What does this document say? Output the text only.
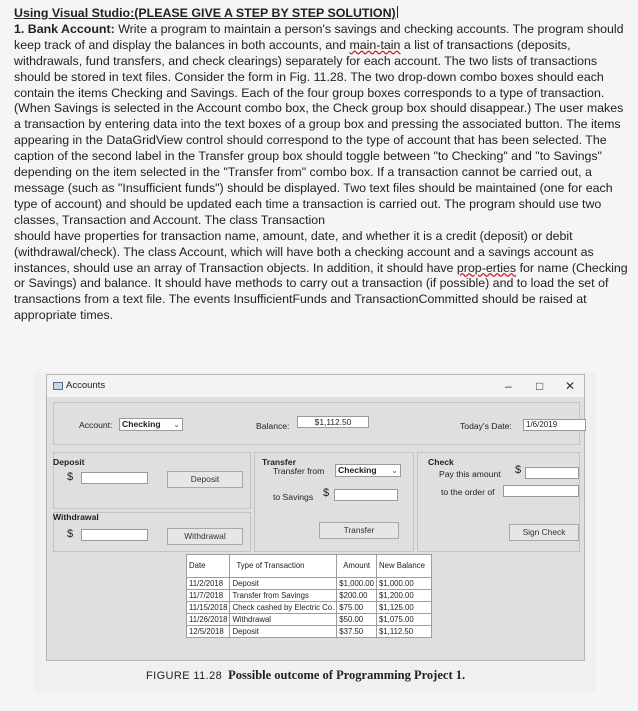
Using Visual Studio:(PLEASE GIVE A STEP BY STEP SOLUTION)

1. Bank Account: Write a program to maintain a person's savings and checking accounts. The program should keep track of and display the balances in both accounts, and main-tain a list of transactions (deposits, withdrawals, fund transfers, and check clearings) separately for each account. The two lists of transactions should be stored in text files. Consider the form in Fig. 11.28. The two drop-down combo boxes should each

contain the items Checking and Savings. Each of the four group boxes corresponds to a type of transaction. (When Savings is selected in the Account combo box, the Check group box should disappear.) The user makes a transaction by entering data into the text boxes of a group box and pressing the associated button. The items appearing in the DataGridView control should correspond to the type of account that has been selected. The caption of the second label in the Transfer group box should toggle between "to Checking" and "to Savings" depending on the item selected in the "Transfer from" combo box. If a transaction cannot be carried out, a message (such as "Insufficient funds") should be displayed. Two text files should be maintained (one for each type of account) and should be updated each time a transaction is carried out. The program should use two classes, Transaction and Account. The class Transaction

should have properties for transaction name, amount, date, and whether it is a credit (deposit) or debit (withdrawal/check). The class Account, which will have both a checking account and a savings account as instances, should use an array of Transaction objects. In addition, it should have prop-erties for name (Checking or Savings) and balance. It should have methods to carry out a transaction (if possible) and to load the set of transactions from a text file. The events InsufficientFunds and TransactionCommitted should be raised at appropriate times.

Accounts	– □ ✕
Account:	Checking ⌄	Balance:	$1,112.50	Today's Date:	1/6/2019
Deposit
$	Deposit
Withdrawal
$	Withdrawal
Transfer
Transfer from	Checking ⌄
to Savings $
Transfer
Check
Pay this amount $
to the order of
Sign Check
Date	Type of Transaction	Amount	New Balance
11/2/2018	Deposit	$1,000.00	$1,000.00
11/7/2018	Transfer from Savings	$200.00	$1,200.00
11/15/2018	Check cashed by Electric Co.	$75.00	$1,125.00
11/26/2018	Withdrawal	$50.00	$1,075.00
12/5/2018	Deposit	$37.50	$1,112.50
FIGURE 11.28 Possible outcome of Programming Project 1.
